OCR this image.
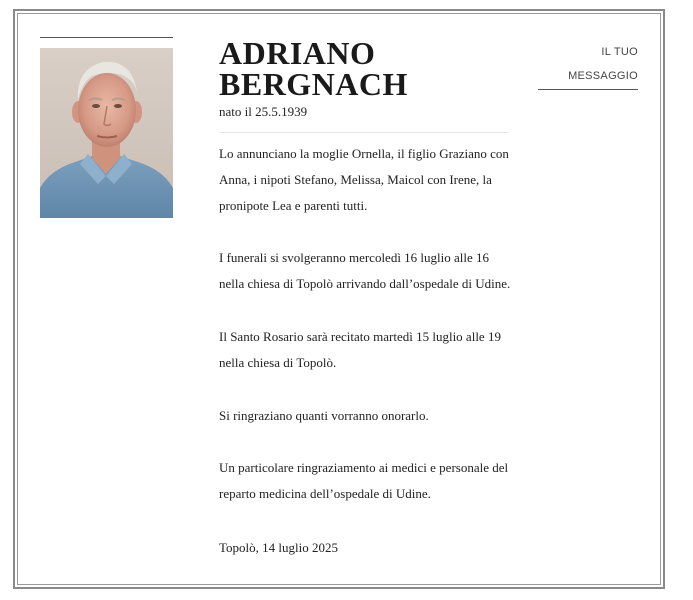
ADRIANO
BERGNACH
nato il 25.5.1939
IL TUO
MESSAGGIO

Lo annunciano la moglie Ornella, il figlio Graziano con
Anna, i nipoti Stefano, Melissa, Maicol con Irene, la
pronipote Lea e parenti tutti.

I funerali si svolgeranno mercoledì 16 luglio alle 16
nella chiesa di Topolò arrivando dall’ospedale di Udine.

Il Santo Rosario sarà recitato martedì 15 luglio alle 19
nella chiesa di Topolò.

Si ringraziano quanti vorranno onorarlo.

Un particolare ringraziamento ai medici e personale del
reparto medicina dell’ospedale di Udine.

Topolò, 14 luglio 2025
